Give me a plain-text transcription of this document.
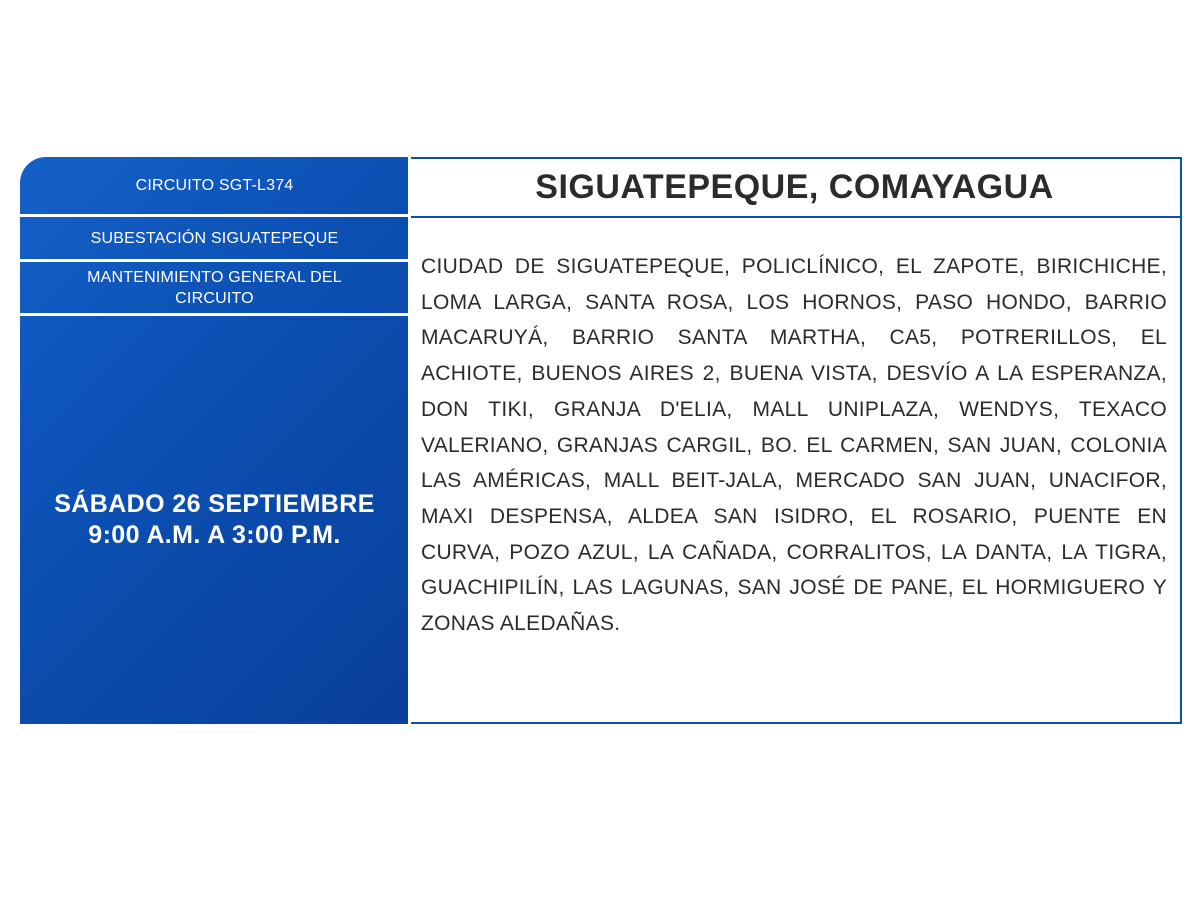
CIRCUITO SGT-L374
SUBESTACIÓN SIGUATEPEQUE
MANTENIMIENTO GENERAL DEL CIRCUITO
SÁBADO 26 SEPTIEMBRE
9:00 A.M. A 3:00 P.M.
SIGUATEPEQUE, COMAYAGUA
CIUDAD DE SIGUATEPEQUE, POLICLÍNICO, EL ZAPOTE, BIRICHICHE, LOMA LARGA, SANTA ROSA, LOS HORNOS, PASO HONDO, BARRIO MACARUYÁ, BARRIO SANTA MARTHA, CA5, POTRERILLOS, EL ACHIOTE, BUENOS AIRES 2, BUENA VISTA, DESVÍO A LA ESPERANZA, DON TIKI, GRANJA D'ELIA, MALL UNIPLAZA, WENDYS, TEXACO VALERIANO, GRANJAS CARGIL, BO. EL CARMEN, SAN JUAN, COLONIA LAS AMÉRICAS, MALL BEIT-JALA, MERCADO SAN JUAN, UNACIFOR, MAXI DESPENSA, ALDEA SAN ISIDRO, EL ROSARIO, PUENTE EN CURVA, POZO AZUL, LA CAÑADA, CORRALITOS, LA DANTA, LA TIGRA, GUACHIPILÍN, LAS LAGUNAS, SAN JOSÉ DE PANE, EL HORMIGUERO Y ZONAS ALEDAÑAS.
